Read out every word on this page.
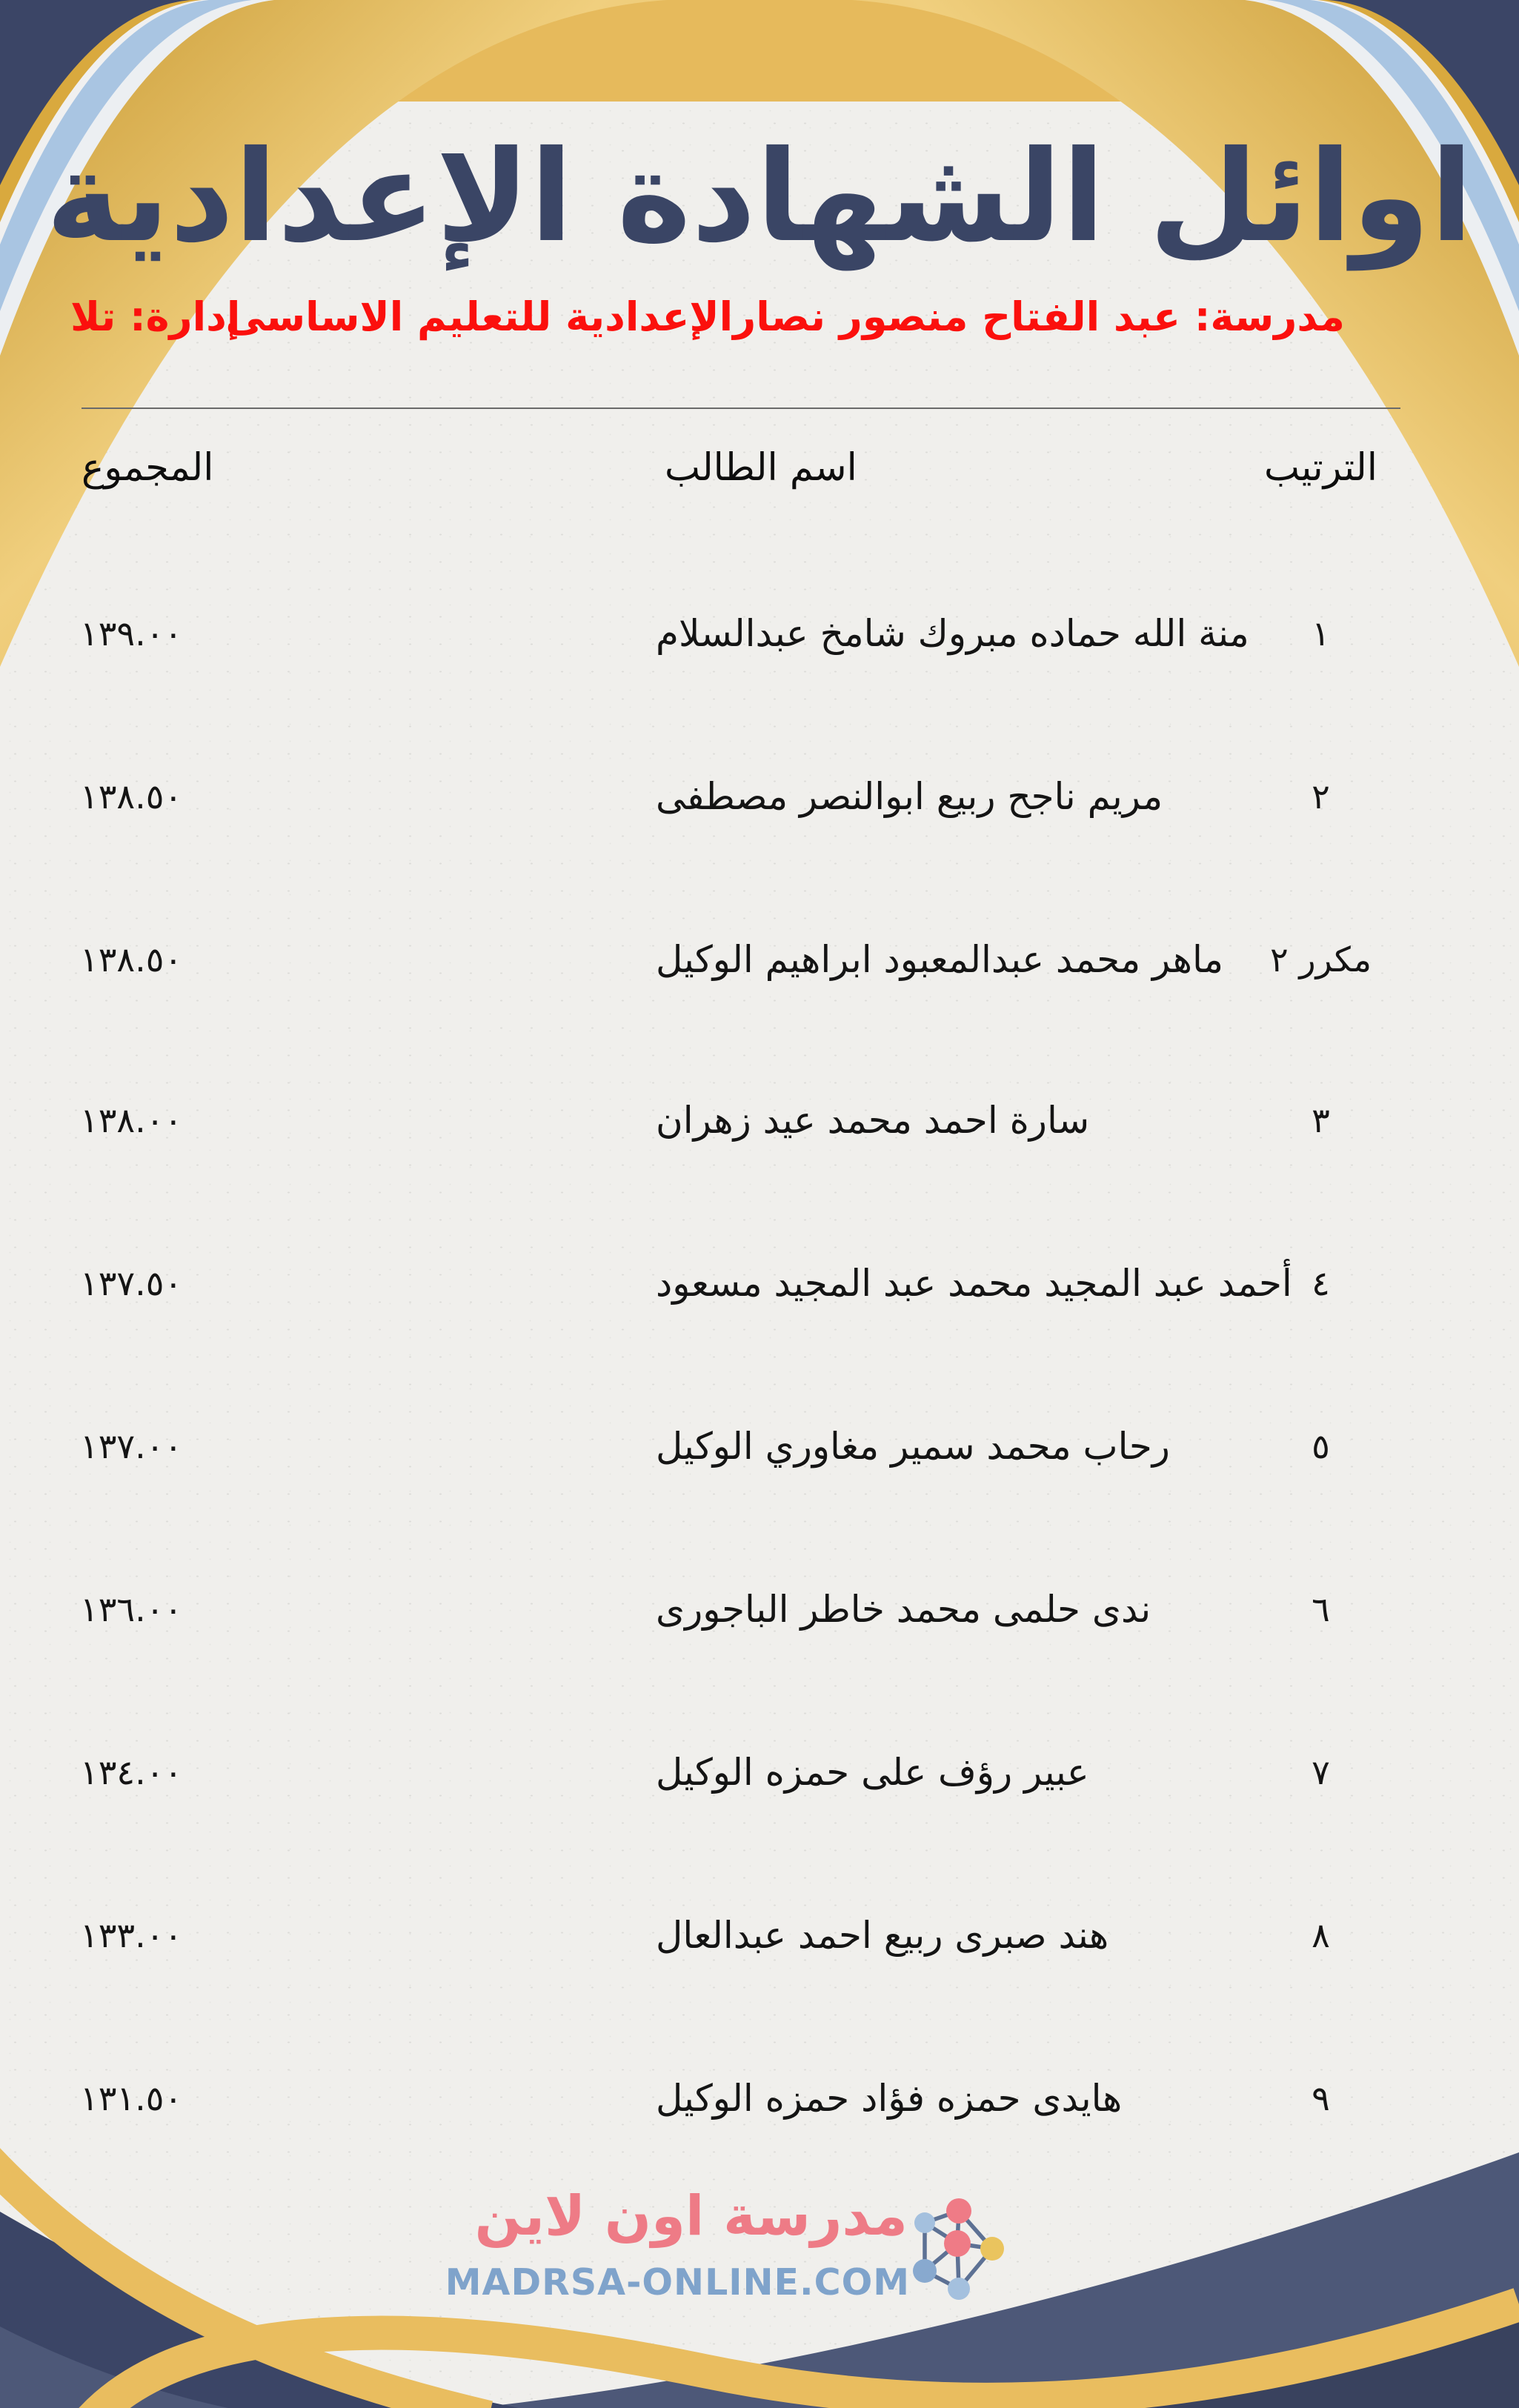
اوائل الشهادة الإعدادية
مدرسة: عبد الفتاح منصور نصارالإعدادية للتعليم الاساسى
إدارة: تلا
المجموع	اسم الطالب	الترتيب
١٣٩.٠٠	منة الله حماده مبروك شامخ عبدالسلام	١
١٣٨.٥٠	مريم ناجح ربيع ابوالنصر مصطفى	٢
١٣٨.٥٠	ماهر محمد عبدالمعبود ابراهيم الوكيل	مكرر ٢
١٣٨.٠٠	سارة احمد محمد عيد زهران	٣
١٣٧.٥٠	أحمد عبد المجيد محمد عبد المجيد مسعود ٤
١٣٧.٠٠	رحاب محمد سمير مغاوري الوكيل	٥
١٣٦.٠٠	ندى حلمى محمد خاطر الباجورى	٦
١٣٤.٠٠	عبير رؤف على حمزه الوكيل	٧
١٣٣.٠٠	هند صبرى ربيع احمد عبدالعال	٨
١٣١.٥٠	هايدى حمزه فؤاد حمزه الوكيل	٩
مدرسة اون لاين
MADRSA-ONLINE.COM
